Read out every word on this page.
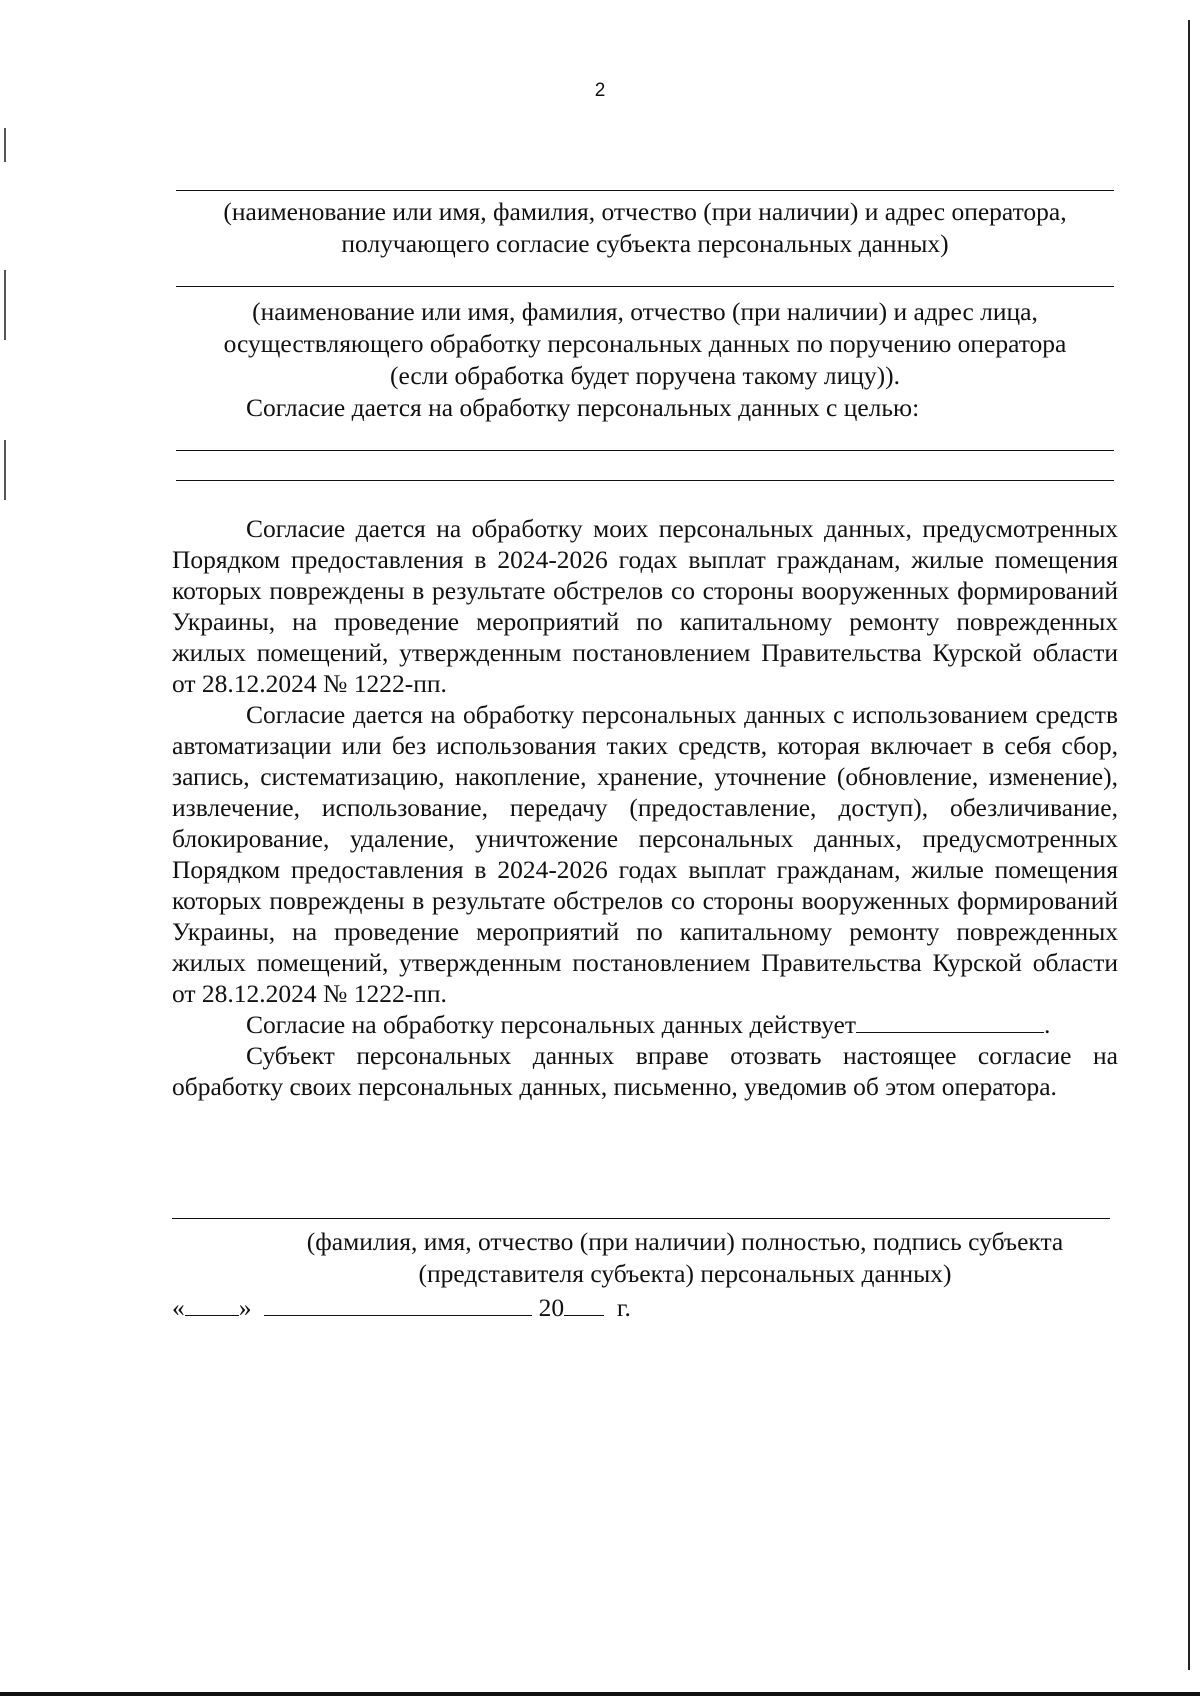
2
(наименование или имя, фамилия, отчество (при наличии) и адрес оператора,
получающего согласие субъекта персональных данных)
(наименование или имя, фамилия, отчество (при наличии) и адрес лица,
осуществляющего обработку персональных данных по поручению оператора
(если обработка будет поручена такому лицу)).

Согласие дается на обработку персональных данных с целью:

Согласие дается на обработку моих персональных данных, предусмотренных Порядком предоставления в 2024-2026 годах выплат гражданам, жилые помещения которых повреждены в результате обстрелов со стороны вооруженных формирований Украины, на проведение мероприятий по капитальному ремонту поврежденных жилых помещений, утвержденным постановлением Правительства Курской области от 28.12.2024 № 1222-пп.

Согласие дается на обработку персональных данных с использованием средств автоматизации или без использования таких средств, которая включает в себя сбор, запись, систематизацию, накопление, хранение, уточнение (обновление, изменение), извлечение, использование, передачу (предоставление, доступ), обезличивание, блокирование, удаление, уничтожение персональных данных, предусмотренных Порядком предоставления в 2024-2026 годах выплат гражданам, жилые помещения которых повреждены в результате обстрелов со стороны вооруженных формирований Украины, на проведение мероприятий по капитальному ремонту поврежденных жилых помещений, утвержденным постановлением Правительства Курской области от 28.12.2024 № 1222-пп.

Согласие на обработку персональных данных действует	.

Субъект персональных данных вправе отозвать настоящее согласие на обработку своих персональных данных, письменно, уведомив об этом оператора.

(фамилия, имя, отчество (при наличии) полностью, подпись субъекта
(представителя субъекта) персональных данных)
« »	20 г.
